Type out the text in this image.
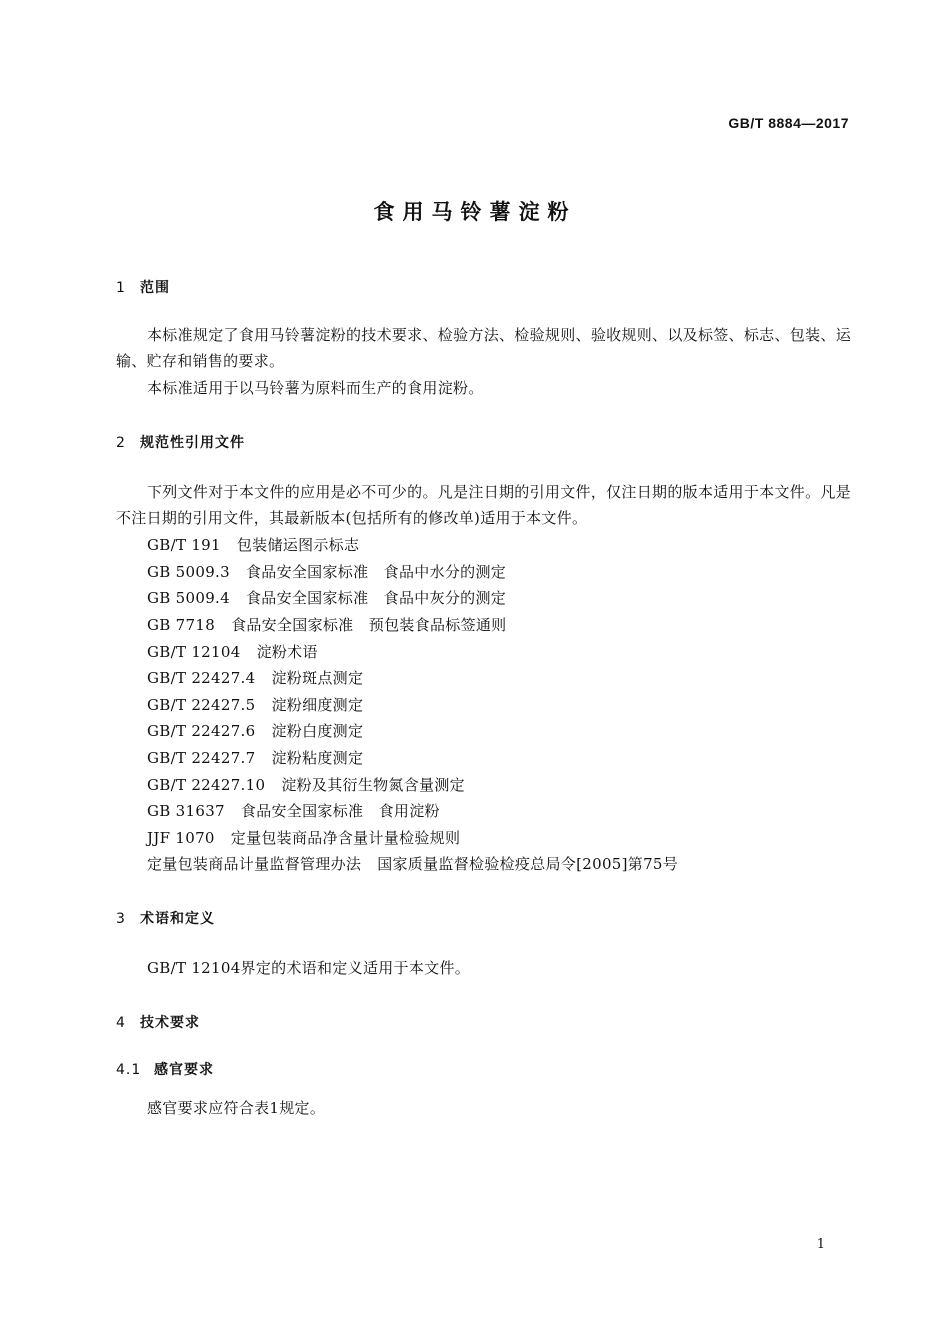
GB/T 8884—2017
食用马铃薯淀粉
1 范围
本标准规定了食用马铃薯淀粉的技术要求、检验方法、检验规则、验收规则、以及标签、标志、包装、运输、贮存和销售的要求。
本标准适用于以马铃薯为原料而生产的食用淀粉。
2 规范性引用文件
下列文件对于本文件的应用是必不可少的。凡是注日期的引用文件，仅注日期的版本适用于本文件。凡是不注日期的引用文件，其最新版本(包括所有的修改单)适用于本文件。
GB/T 191 包装储运图示标志
GB 5009.3 食品安全国家标准　食品中水分的测定
GB 5009.4 食品安全国家标准　食品中灰分的测定
GB 7718 食品安全国家标准　预包装食品标签通则
GB/T 12104 淀粉术语
GB/T 22427.4 淀粉斑点测定
GB/T 22427.5 淀粉细度测定
GB/T 22427.6 淀粉白度测定
GB/T 22427.7 淀粉粘度测定
GB/T 22427.10 淀粉及其衍生物氮含量测定
GB 31637 食品安全国家标准　食用淀粉
JJF 1070 定量包装商品净含量计量检验规则
定量包装商品计量监督管理办法 国家质量监督检验检疫总局令[2005]第75号
3 术语和定义
GB/T 12104界定的术语和定义适用于本文件。
4 技术要求
4.1 感官要求
感官要求应符合表1规定。
1
